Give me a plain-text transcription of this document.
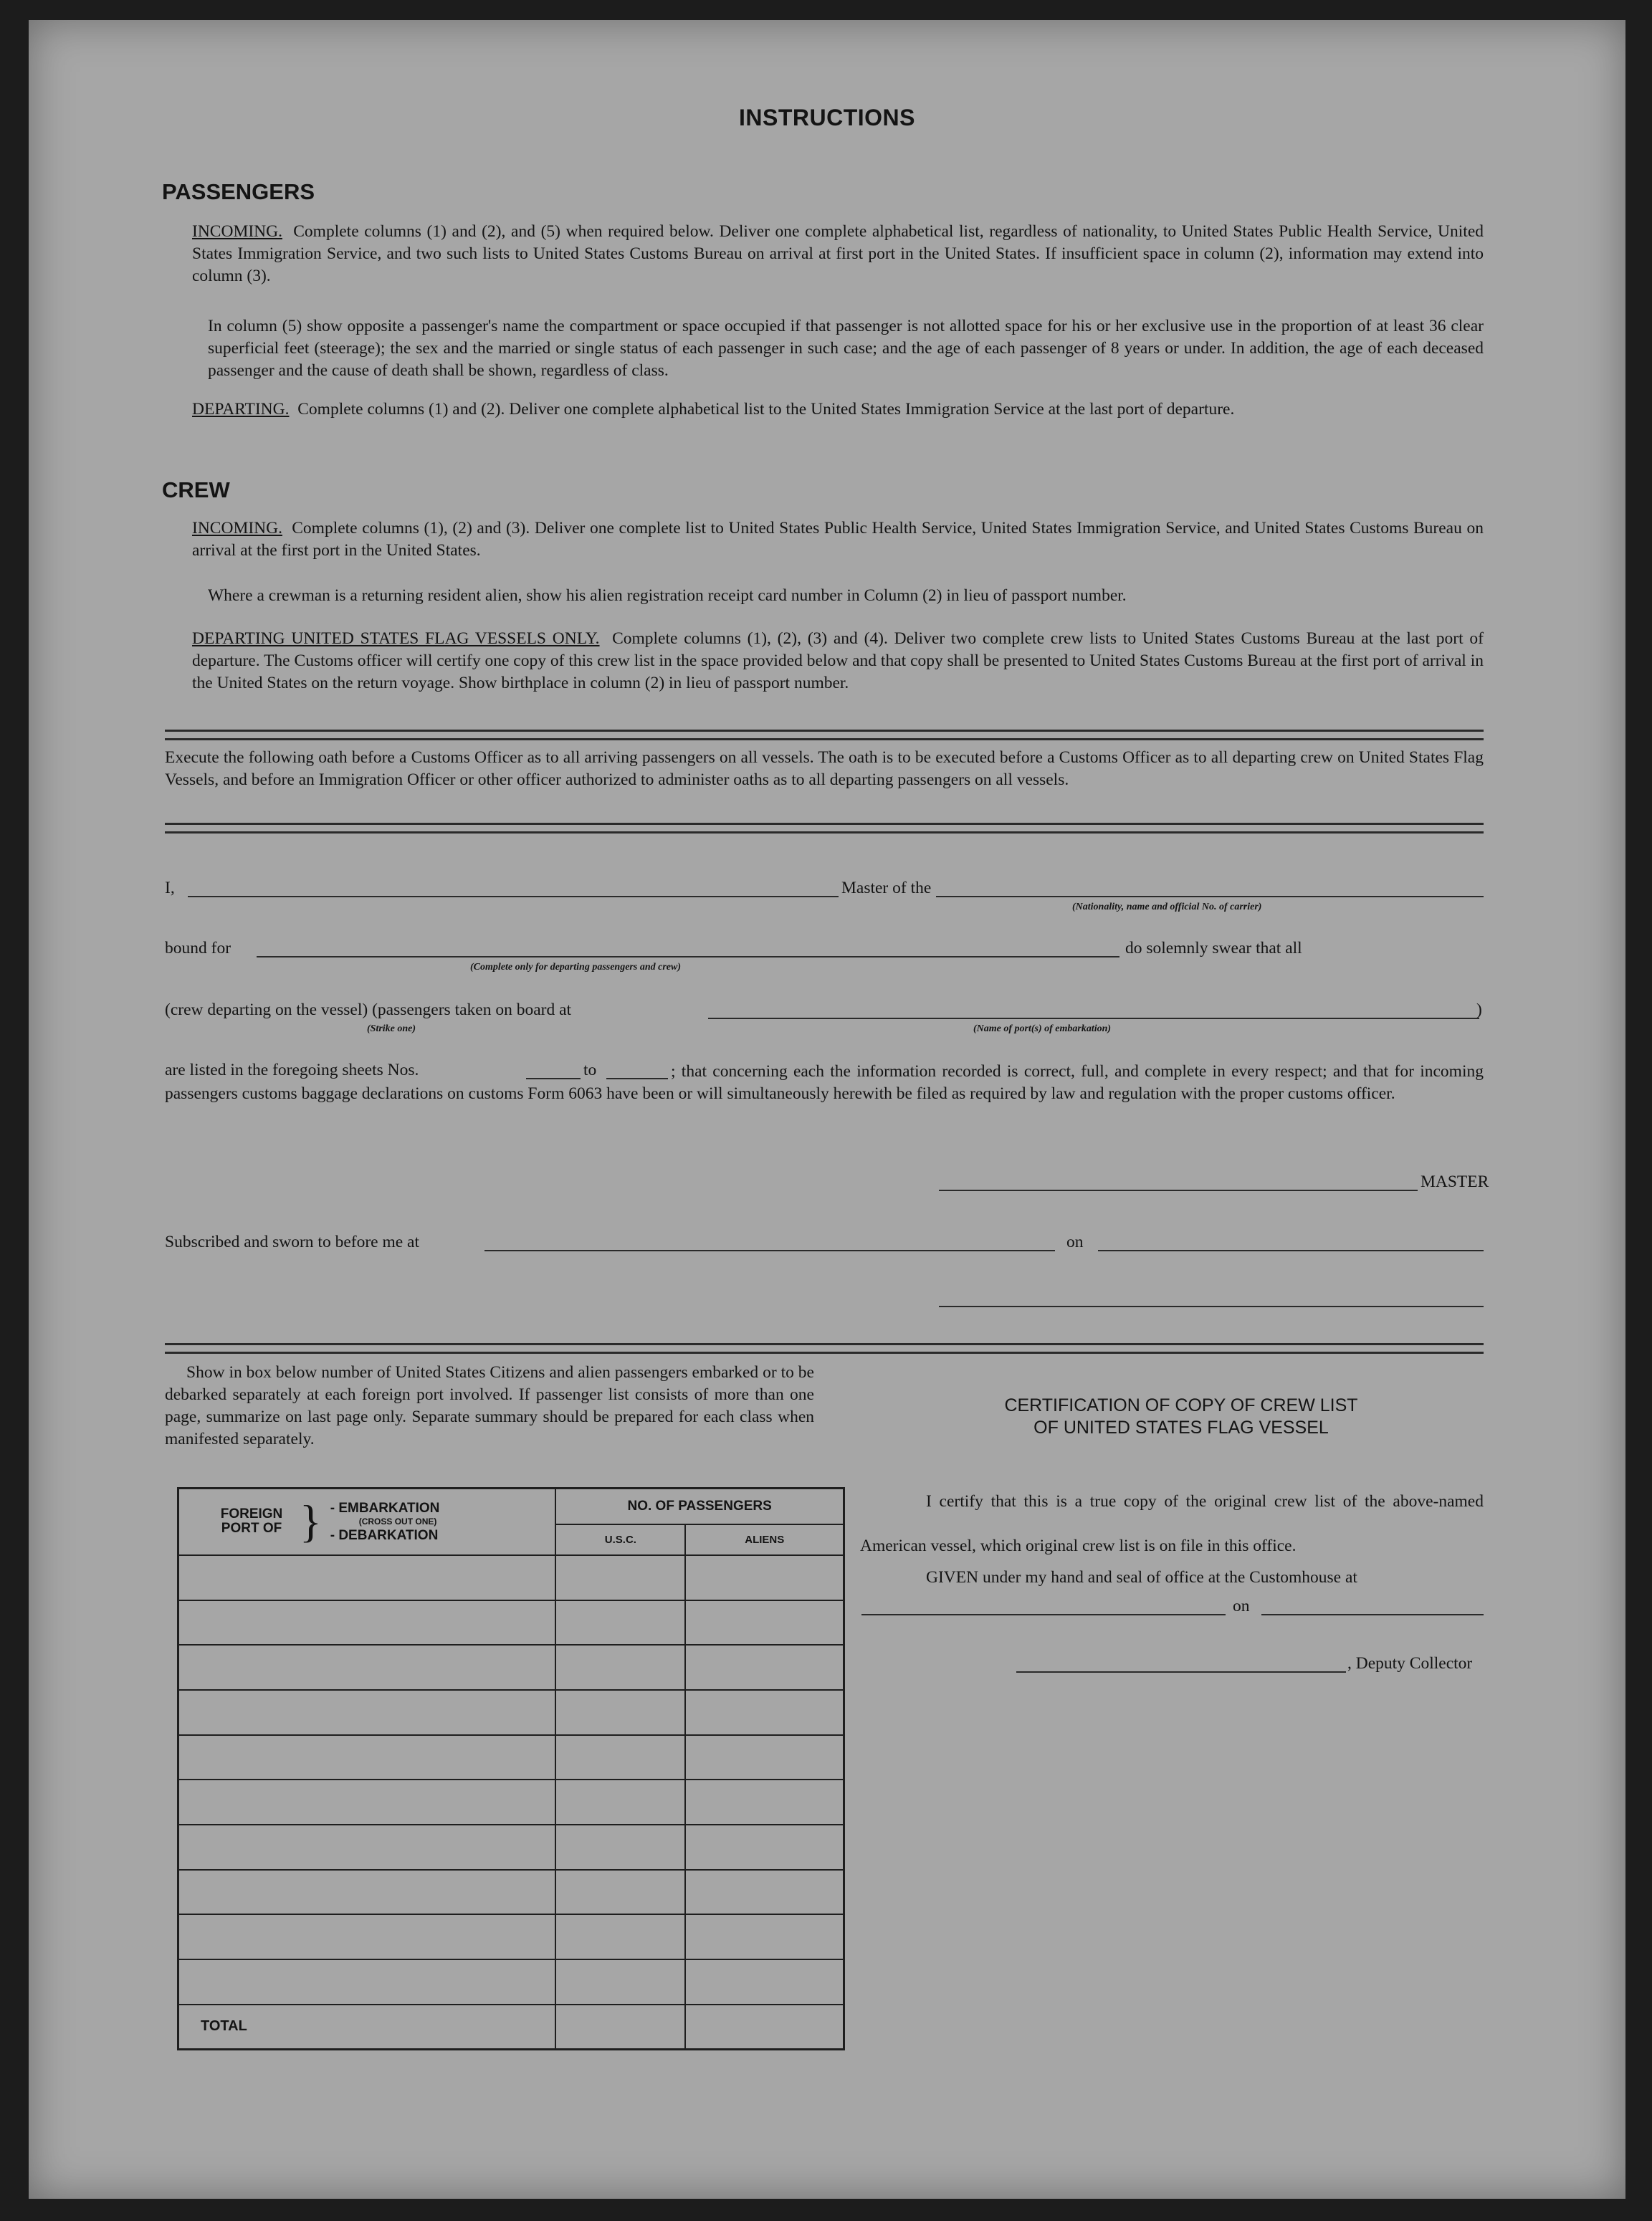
INSTRUCTIONS
PASSENGERS
INCOMING. Complete columns (1) and (2), and (5) when required below. Deliver one complete alphabetical list, regardless of nationality, to United States Public Health Service, United States Immigration Service, and two such lists to United States Customs Bureau on arrival at first port in the United States. If insufficient space in column (2), information may extend into column (3).
In column (5) show opposite a passenger's name the compartment or space occupied if that passenger is not allotted space for his or her exclusive use in the proportion of at least 36 clear superficial feet (steerage); the sex and the married or single status of each passenger in such case; and the age of each passenger of 8 years or under. In addition, the age of each deceased passenger and the cause of death shall be shown, regardless of class.
DEPARTING. Complete columns (1) and (2). Deliver one complete alphabetical list to the United States Immigration Service at the last port of departure.
CREW
INCOMING. Complete columns (1), (2) and (3). Deliver one complete list to United States Public Health Service, United States Immigration Service, and United States Customs Bureau on arrival at the first port in the United States.
Where a crewman is a returning resident alien, show his alien registration receipt card number in Column (2) in lieu of passport number.
DEPARTING UNITED STATES FLAG VESSELS ONLY. Complete columns (1), (2), (3) and (4). Deliver two complete crew lists to United States Customs Bureau at the last port of departure. The Customs officer will certify one copy of this crew list in the space provided below and that copy shall be presented to United States Customs Bureau at the first port of arrival in the United States on the return voyage. Show birthplace in column (2) in lieu of passport number.
Execute the following oath before a Customs Officer as to all arriving passengers on all vessels. The oath is to be executed before a Customs Officer as to all departing crew on United States Flag Vessels, and before an Immigration Officer or other officer authorized to administer oaths as to all departing passengers on all vessels.
I,	Master of the
(Nationality, name and official No. of carrier)
bound for
(Complete only for departing passengers and crew)
do solemnly swear that all
(crew departing on the vessel) (passengers taken on board at
(Strike one)	(Name of port(s) of embarkation)
)
are listed in the foregoing sheets Nos.	to	; that concerning each the information recorded is correct, full, and complete in every respect; and that for incoming passengers customs baggage declarations on customs Form 6063 have been or will simultaneously herewith be filed as required by law and regulation with the proper customs officer.
MASTER
Subscribed and sworn to before me at	on
Show in box below number of United States Citizens and alien passengers embarked or to be debarked separately at each foreign port involved. If passenger list consists of more than one page, summarize on last page only. Separate summary should be prepared for each class when manifested separately.
FOREIGN PORT OF } - EMBARKATION
(CROSS OUT ONE)
- DEBARKATION	NO. OF PASSENGERS	
	U.S.C.	ALIENS

TOTAL		
CERTIFICATION OF COPY OF CREW LIST
OF UNITED STATES FLAG VESSEL
I certify that this is a true copy of the original crew list of the above-named American vessel, which original crew list is on file in this office.
GIVEN under my hand and seal of office at the Customhouse at
on
, Deputy Collector
